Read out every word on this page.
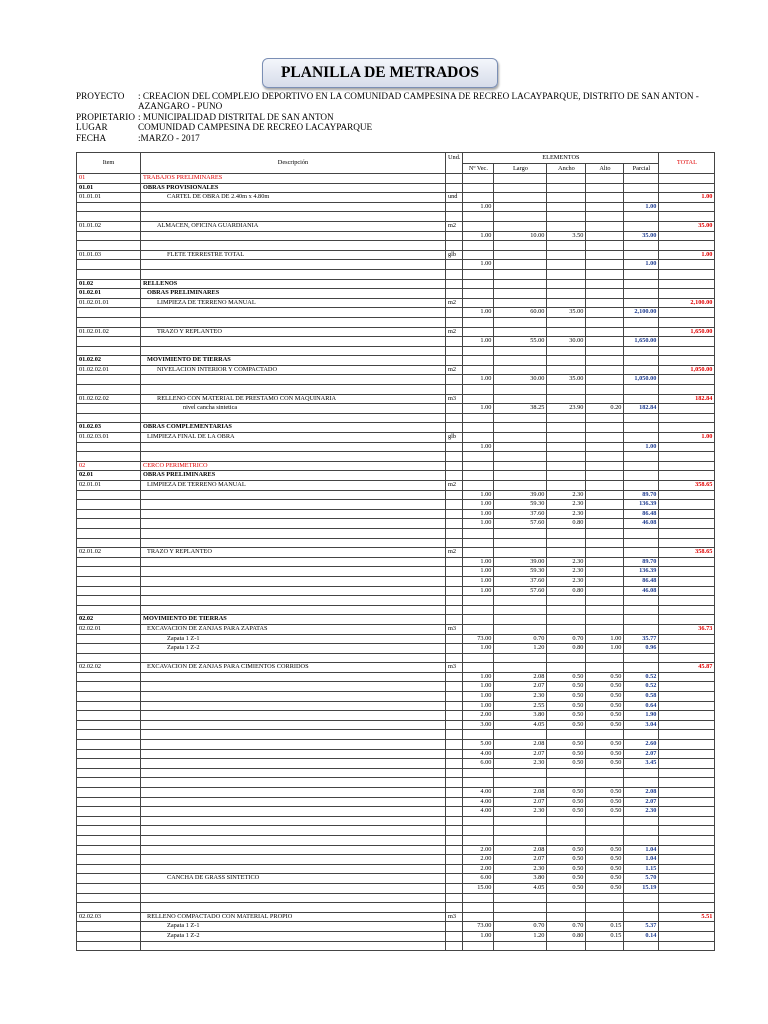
PLANILLA DE METRADOS
PROYECTO	: CREACION DEL COMPLEJO DEPORTIVO EN LA COMUNIDAD CAMPESINA DE RECREO LACAYPARQUE, DISTRITO DE SAN ANTON -
AZANGARO - PUNO
PROPIETARIO : MUNICIPALIDAD DISTRITAL DE SAN ANTON
LUGAR	COMUNIDAD CAMPESINA DE RECREO LACAYPARQUE
FECHA	:MARZO - 2017
Item	Descripción	Und.	ELEMENTOS					TOTAL
			Nº Vec.	Largo	Ancho	Alto	Parcial	
01	TRABAJOS PRELIMINARES							
01.01	OBRAS PROVISIONALES							
01.01.01	CARTEL DE OBRA DE 2.40m x 4.80m	und						1.00
			1.00				1.00	

01.01.02	ALMACEN, OFICINA GUARDIANIA	m2						35.00
			1.00	10.00	3.50		35.00	

01.01.03	FLETE TERRESTRE TOTAL	glb						1.00
			1.00				1.00	

01.02	RELLENOS							
01.02.01	OBRAS PRELIMINARES							
01.02.01.01	LIMPIEZA DE TERRENO MANUAL	m2						2,100.00
			1.00	60.00	35.00		2,100.00	

01.02.01.02	TRAZO Y REPLANTEO	m2						1,650.00
			1.00	55.00	30.00		1,650.00	

01.02.02	MOVIMIENTO DE TIERRAS							
01.02.02.01	NIVELACION INTERIOR Y COMPACTADO	m2						1,050.00
			1.00	30.00	35.00		1,050.00	

01.02.02.02	RELLENO CON MATERIAL DE PRESTAMO CON MAQUINARIA	m3						182.84
	nivel cancha sintetica		1.00	38.25	23.90	0.20	182.84	

01.02.03	OBRAS COMPLEMENTARIAS							
01.02.03.01	LIMPIEZA FINAL DE LA OBRA	glb						1.00
			1.00				1.00	

02	CERCO PERIMETRICO							
02.01	OBRAS PRELIMINARES							
02.01.01	LIMPIEZA DE TERRENO MANUAL	m2						358.65
			1.00	39.00	2.30		89.70	
			1.00	59.30	2.30		136.39	
			1.00	37.60	2.30		86.48	
			1.00	57.60	0.80		46.08	

02.01.02	TRAZO Y REPLANTEO	m2						358.65
			1.00	39.00	2.30		89.70	
			1.00	59.30	2.30		136.39	
			1.00	37.60	2.30		86.48	
			1.00	57.60	0.80		46.08	

02.02	MOVIMIENTO DE TIERRAS							
02.02.01	EXCAVACION DE ZANJAS PARA ZAPATAS	m3						36.73
	Zapata 1 Z-1		73.00	0.70	0.70	1.00	35.77	
	Zapata 1 Z-2		1.00	1.20	0.80	1.00	0.96	

02.02.02	EXCAVACION DE ZANJAS PARA CIMIENTOS CORRIDOS	m3						45.87
			1.00	2.08	0.50	0.50	0.52	
			1.00	2.07	0.50	0.50	0.52	
			1.00	2.30	0.50	0.50	0.58	
			1.00	2.55	0.50	0.50	0.64	
			2.00	3.80	0.50	0.50	1.90	
			3.00	4.05	0.50	0.50	3.04	

			5.00	2.08	0.50	0.50	2.60	
			4.00	2.07	0.50	0.50	2.07	
			6.00	2.30	0.50	0.50	3.45	

			4.00	2.08	0.50	0.50	2.08	
			4.00	2.07	0.50	0.50	2.07	
			4.00	2.30	0.50	0.50	2.30	

			2.00	2.08	0.50	0.50	1.04	
			2.00	2.07	0.50	0.50	1.04	
			2.00	2.30	0.50	0.50	1.15	
	CANCHA DE GRASS SINTETICO		6.00	3.80	0.50	0.50	5.70	
			15.00	4.05	0.50	0.50	15.19	

02.02.03	RELLENO COMPACTADO CON MATERIAL PROPIO	m3						5.51
	Zapata 1 Z-1		73.00	0.70	0.70	0.15	5.37	
	Zapata 1 Z-2		1.00	1.20	0.80	0.15	0.14	
